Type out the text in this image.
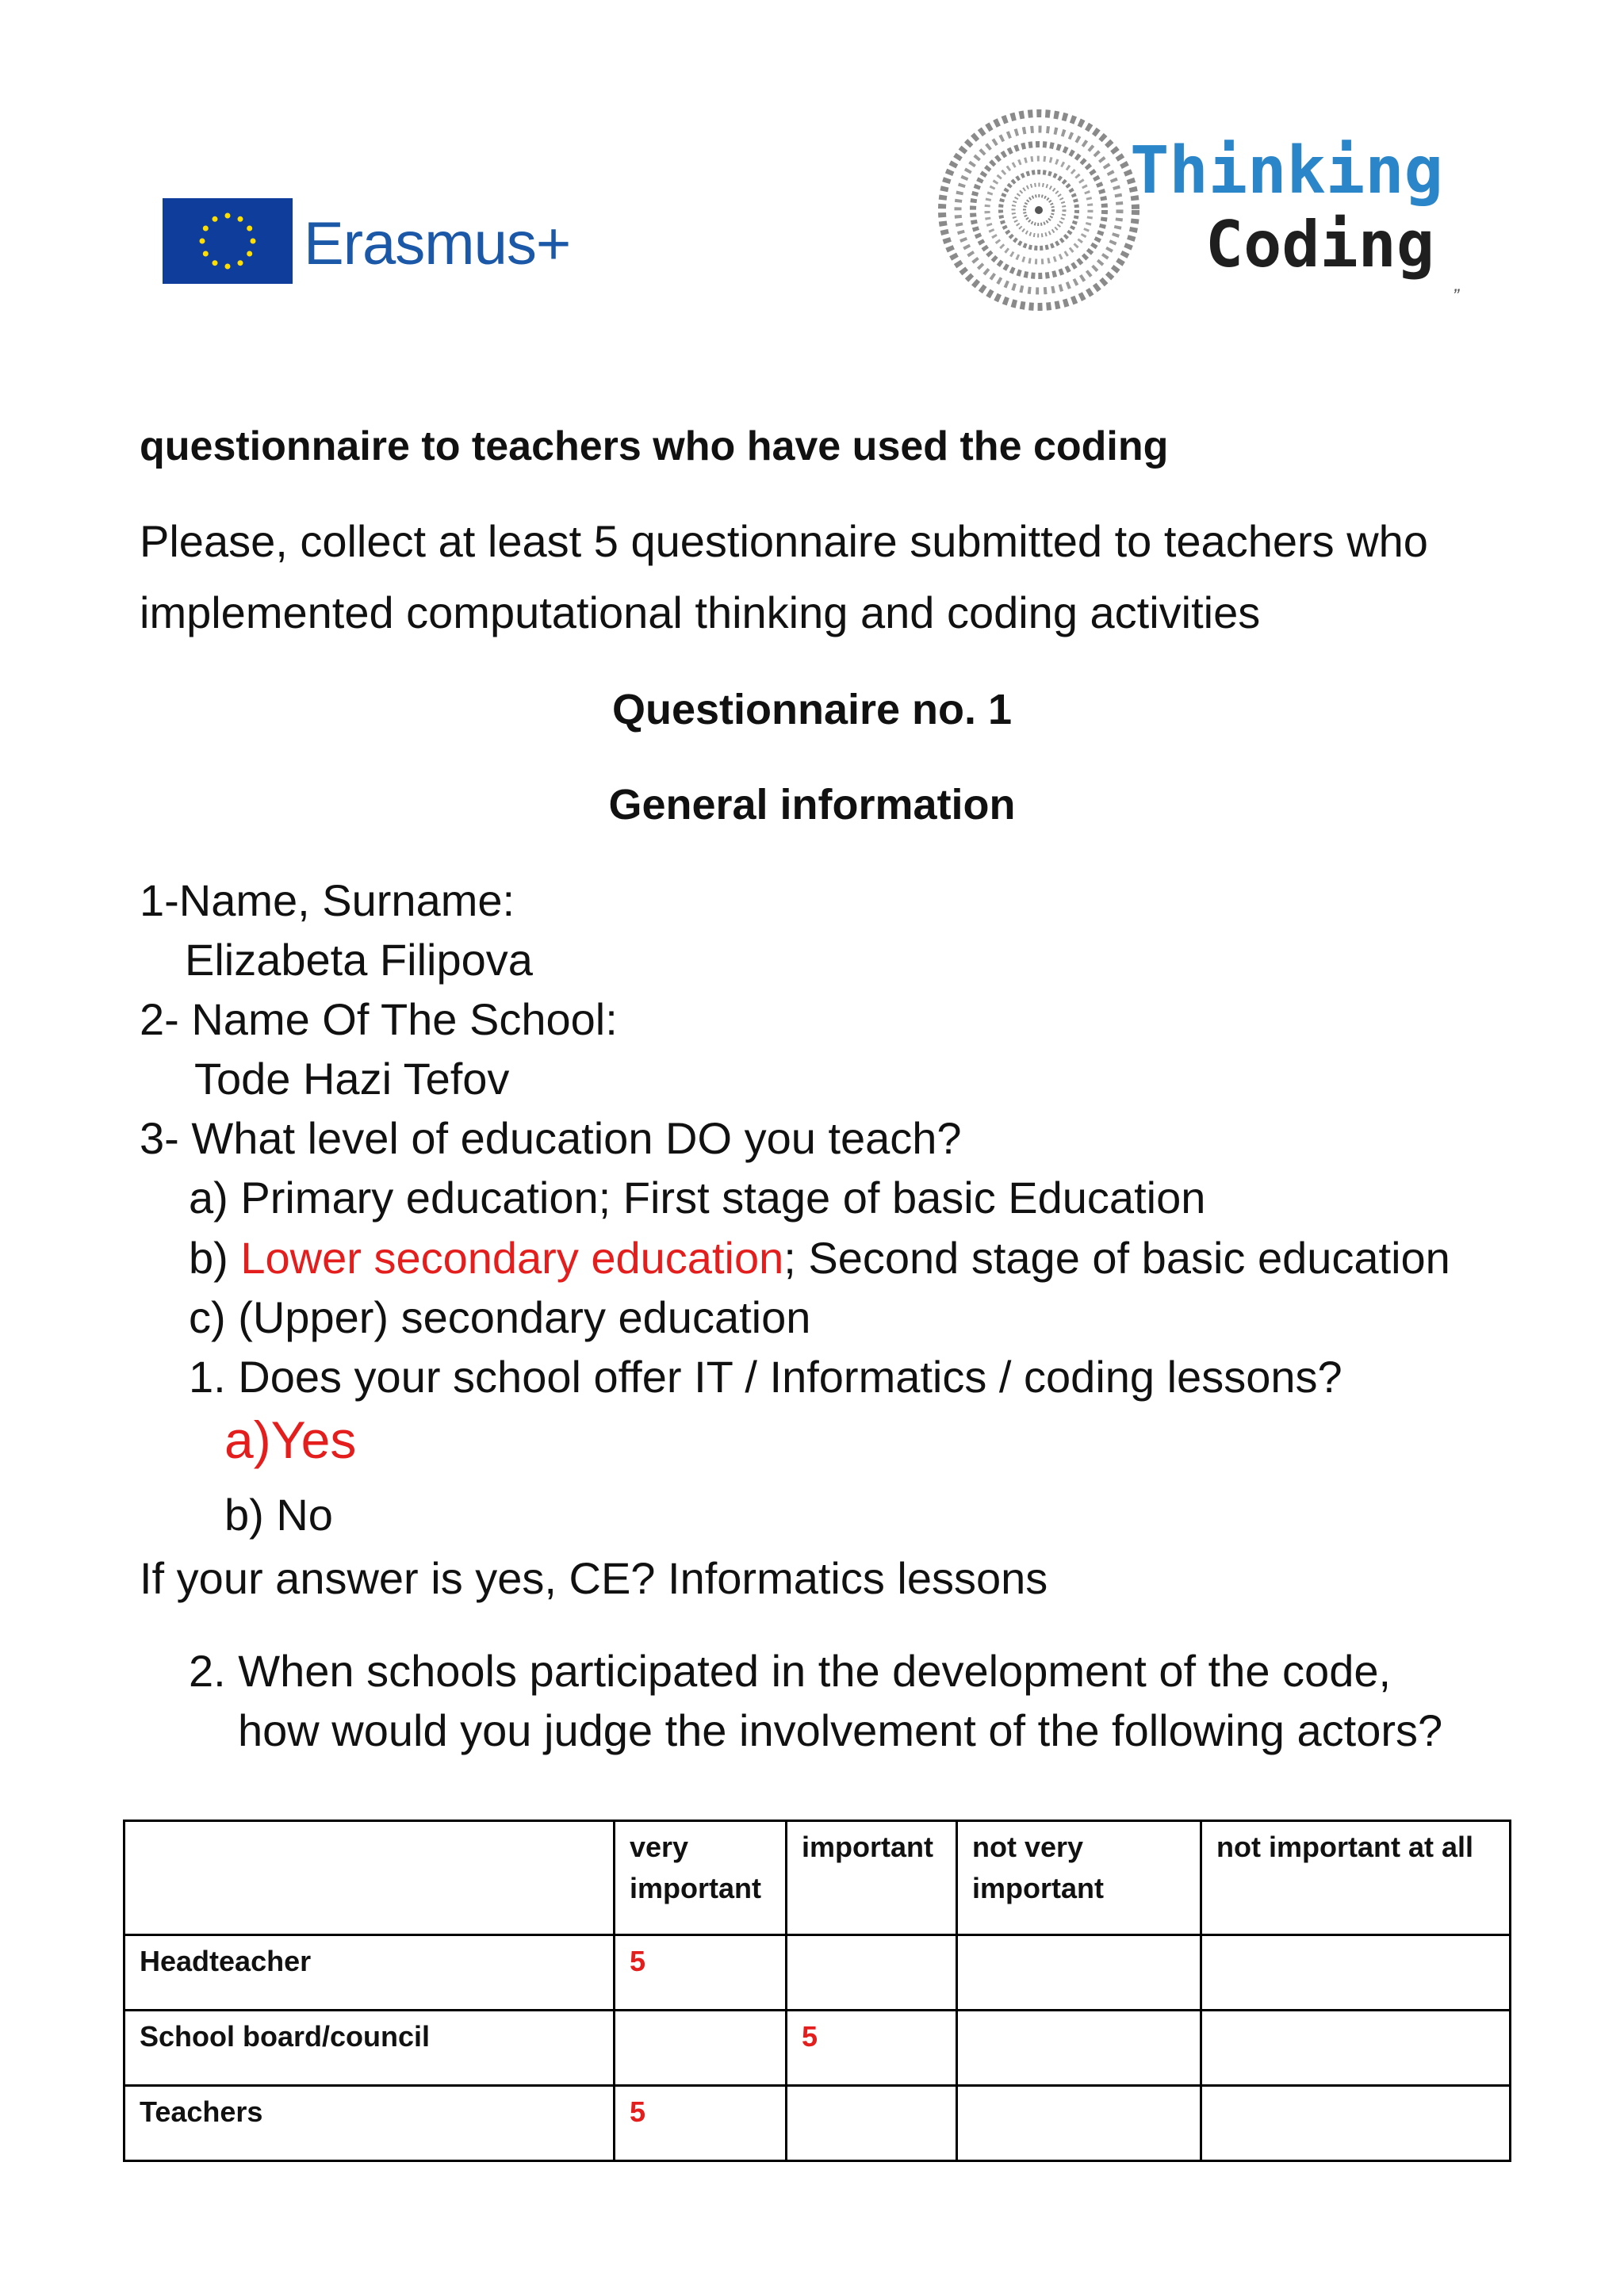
Erasmus+
Thinking
Coding
”
questionnaire to teachers who have used the coding
Please, collect at least 5 questionnaire submitted to teachers who
implemented computational thinking and coding activities
Questionnaire no. 1
General information
1-Name, Surname:
Elizabeta Filipova
2- Name Of The School:
Tode Hazi Tefov
3- What level of education DO you teach?
a) Primary education; First stage of basic Education
b) Lower secondary education; Second stage of basic education
c) (Upper) secondary education
1. Does your school offer IT / Informatics / coding lessons?
a)Yes
b) No
If your answer is yes, CE? Informatics lessons
2. When schools participated in the development of the code,
how would you judge the involvement of the following actors?
	very important	important	not very important	not important at all
Headteacher	5			
School board/council		5		
Teachers	5			
